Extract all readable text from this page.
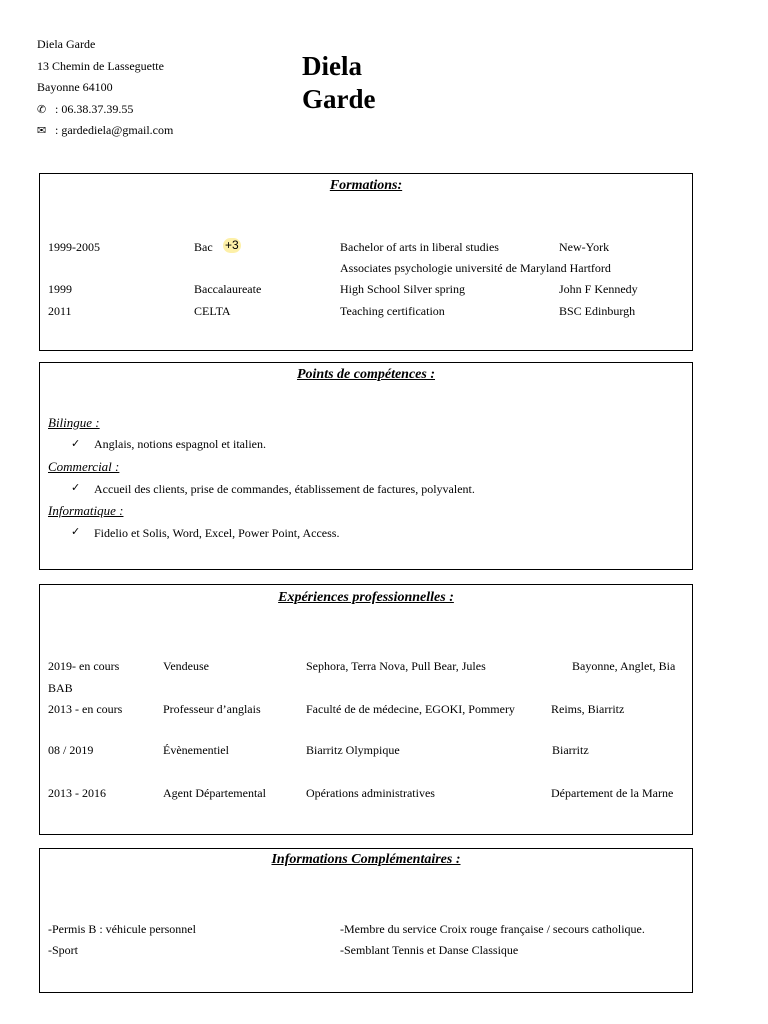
Diela Garde
13 Chemin de Lasseguette
Bayonne 64100
✆ : 06.38.37.39.55
✉ : gardediela@gmail.com
Diela
Garde
Formations:
1999-2005	Bac +3	Bachelor of arts in liberal studies	New-York
Associates psychologie université de Maryland Hartford
1999	Baccalaureate	High School Silver spring	John F Kennedy
2011	CELTA	Teaching certification	BSC Edinburgh
Points de compétences :
Bilingue :
✓ Anglais, notions espagnol et italien.
Commercial :
✓ Accueil des clients, prise de commandes, établissement de factures, polyvalent.
Informatique :
✓ Fidelio et Solis, Word, Excel, Power Point, Access.
Expériences professionnelles :
2019- en cours	Vendeuse	Sephora, Terra Nova, Pull Bear, Jules	Bayonne, Anglet, Bia
BAB
2013 - en cours	Professeur d’anglais	Faculté de de médecine, EGOKI, Pommery	Reims, Biarritz
08 / 2019	Évènementiel	Biarritz Olympique	Biarritz
2013 - 2016	Agent Départemental	Opérations administratives	Département de la Marne
Informations Complémentaires :
-Permis B : véhicule personnel	-Membre du service Croix rouge française / secours catholique.
-Sport	-Semblant Tennis et Danse Classique
